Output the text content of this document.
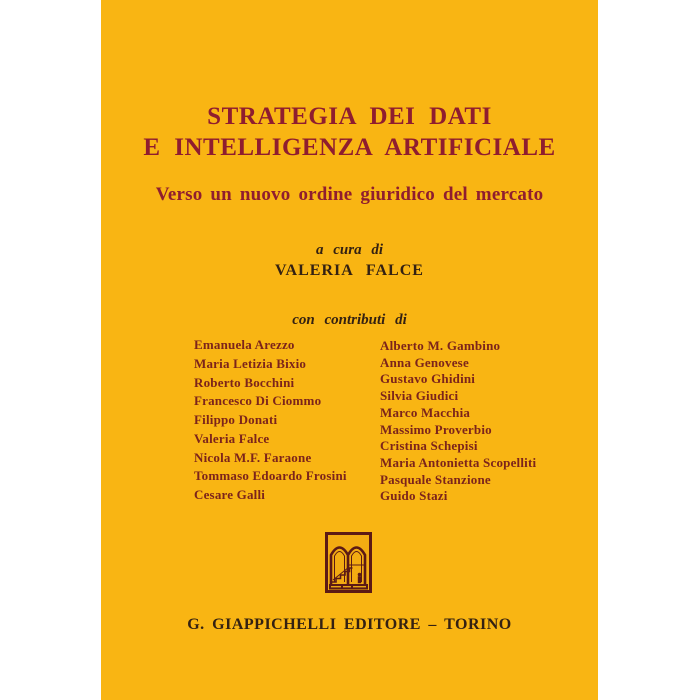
STRATEGIA DEI DATI
E INTELLIGENZA ARTIFICIALE
Verso un nuovo ordine giuridico del mercato
a cura di
VALERIA FALCE
con contributi di
Emanuela Arezzo
Maria Letizia Bixio
Roberto Bocchini
Francesco Di Ciommo
Filippo Donati
Valeria Falce
Nicola M.F. Faraone
Tommaso Edoardo Frosini
Cesare Galli
Alberto M. Gambino
Anna Genovese
Gustavo Ghidini
Silvia Giudici
Marco Macchia
Massimo Proverbio
Cristina Schepisi
Maria Antonietta Scopelliti
Pasquale Stanzione
Guido Stazi
G. GIAPPICHELLI EDITORE – TORINO
